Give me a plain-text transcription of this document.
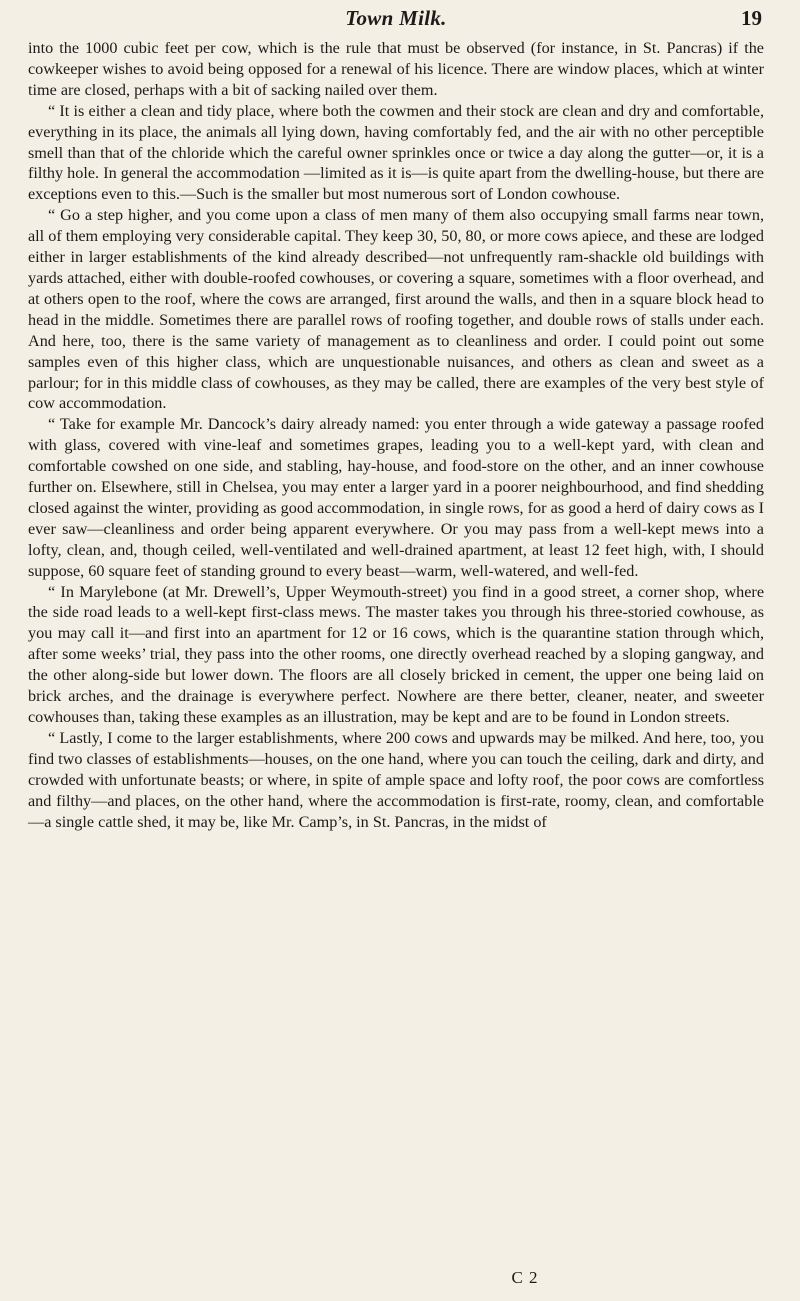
Town Milk.	19

into the 1000 cubic feet per cow, which is the rule that must be observed (for instance, in St. Pancras) if the cowkeeper wishes to avoid being opposed for a renewal of his licence. There are window places, which at winter time are closed, perhaps with a bit of sacking nailed over them.

“ It is either a clean and tidy place, where both the cowmen and their stock are clean and dry and comfortable, everything in its place, the animals all lying down, having comfortably fed, and the air with no other perceptible smell than that of the chloride which the careful owner sprinkles once or twice a day along the gutter—or, it is a filthy hole. In general the accommodation —limited as it is—is quite apart from the dwelling-house, but there are exceptions even to this.—Such is the smaller but most numerous sort of London cowhouse.

“ Go a step higher, and you come upon a class of men many of them also occupying small farms near town, all of them employing very considerable capital. They keep 30, 50, 80, or more cows apiece, and these are lodged either in larger establishments of the kind already described—not unfrequently ram-shackle old buildings with yards attached, either with double-roofed cowhouses, or covering a square, sometimes with a floor overhead, and at others open to the roof, where the cows are arranged, first around the walls, and then in a square block head to head in the middle. Sometimes there are parallel rows of roofing together, and double rows of stalls under each. And here, too, there is the same variety of management as to cleanliness and order. I could point out some samples even of this higher class, which are unquestionable nuisances, and others as clean and sweet as a parlour; for in this middle class of cowhouses, as they may be called, there are examples of the very best style of cow accommodation.

“ Take for example Mr. Dancock’s dairy already named: you enter through a wide gateway a passage roofed with glass, covered with vine-leaf and sometimes grapes, leading you to a well-kept yard, with clean and comfortable cowshed on one side, and stabling, hay-house, and food-store on the other, and an inner cowhouse further on. Elsewhere, still in Chelsea, you may enter a larger yard in a poorer neighbourhood, and find shedding closed against the winter, providing as good accommodation, in single rows, for as good a herd of dairy cows as I ever saw—cleanliness and order being apparent everywhere. Or you may pass from a well-kept mews into a lofty, clean, and, though ceiled, well-ventilated and well-drained apartment, at least 12 feet high, with, I should suppose, 60 square feet of standing ground to every beast—warm, well-watered, and well-fed.

“ In Marylebone (at Mr. Drewell’s, Upper Weymouth-street) you find in a good street, a corner shop, where the side road leads to a well-kept first-class mews. The master takes you through his three-storied cowhouse, as you may call it—and first into an apartment for 12 or 16 cows, which is the quarantine station through which, after some weeks’ trial, they pass into the other rooms, one directly overhead reached by a sloping gangway, and the other along-side but lower down. The floors are all closely bricked in cement, the upper one being laid on brick arches, and the drainage is everywhere perfect. Nowhere are there better, cleaner, neater, and sweeter cowhouses than, taking these examples as an illustration, may be kept and are to be found in London streets.

“ Lastly, I come to the larger establishments, where 200 cows and upwards may be milked. And here, too, you find two classes of establishments—houses, on the one hand, where you can touch the ceiling, dark and dirty, and crowded with unfortunate beasts; or where, in spite of ample space and lofty roof, the poor cows are comfortless and filthy—and places, on the other hand, where the accommodation is first-rate, roomy, clean, and comfortable—a single cattle shed, it may be, like Mr. Camp’s, in St. Pancras, in the midst of

C 2
